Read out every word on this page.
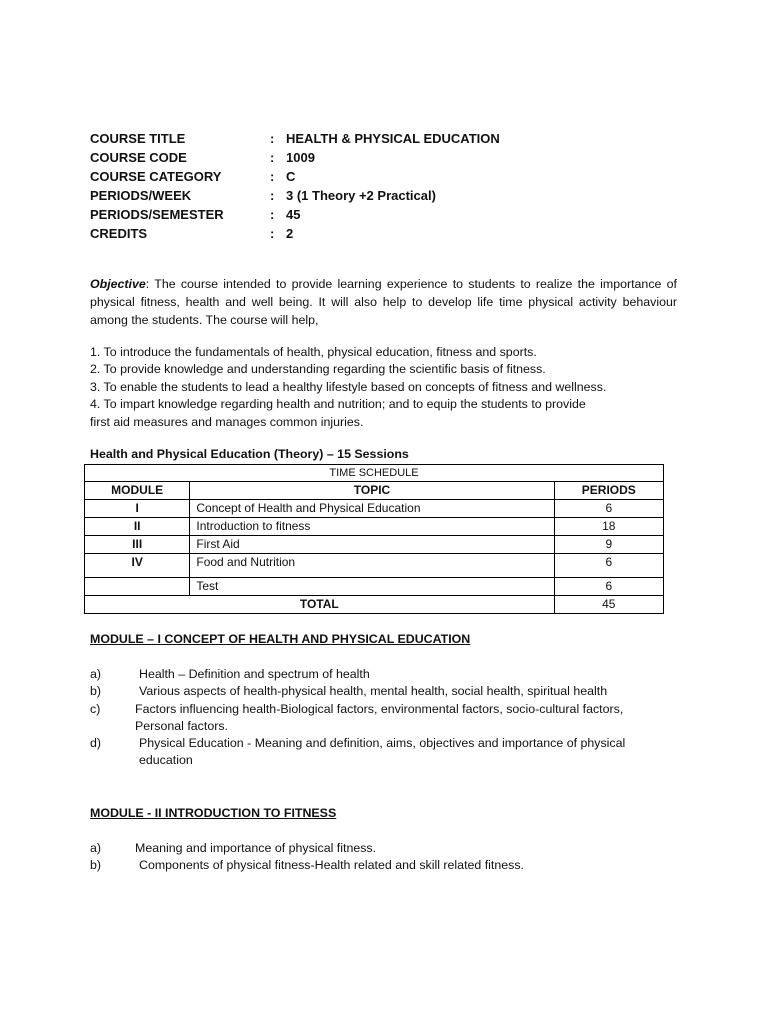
COURSE TITLE	: HEALTH & PHYSICAL EDUCATION
COURSE CODE	: 1009
COURSE CATEGORY	: C
PERIODS/WEEK	: 3 (1 Theory +2 Practical)
PERIODS/SEMESTER	: 45
CREDITS	: 2
Objective: The course intended to provide learning experience to students to realize the importance of physical fitness, health and well being. It will also help to develop life time physical activity behaviour among the students. The course will help,
1. To introduce the fundamentals of health, physical education, fitness and sports.
2. To provide knowledge and understanding regarding the scientific basis of fitness.
3. To enable the students to lead a healthy lifestyle based on concepts of fitness and wellness.
4. To impart knowledge regarding health and nutrition; and to equip the students to provide
first aid measures and manages common injuries.
Health and Physical Education (Theory) – 15 Sessions
TIME SCHEDULE		
MODULE	TOPIC	PERIODS
I	Concept of Health and Physical Education	6
II	Introduction to fitness	18
III	First Aid	9
IV	Food and Nutrition	6
	Test	6
TOTAL		45
MODULE – I CONCEPT OF HEALTH AND PHYSICAL EDUCATION
a)	Health – Definition and spectrum of health
b)	Various aspects of health-physical health, mental health, social health, spiritual health
c)	Factors influencing health-Biological factors, environmental factors, socio-cultural factors, Personal factors.
d)	Physical Education - Meaning and definition, aims, objectives and importance of physical education
MODULE - II INTRODUCTION TO FITNESS
a)	Meaning and importance of physical fitness.
b)	Components of physical fitness-Health related and skill related fitness.
